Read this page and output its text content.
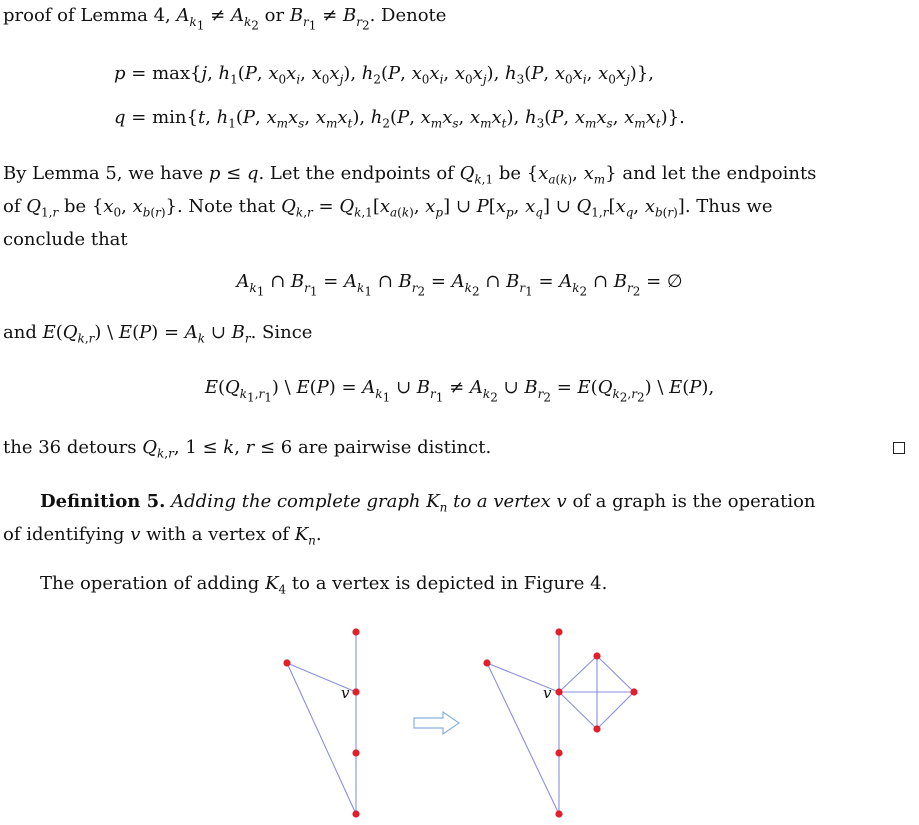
proof of Lemma 4, $A_{k_1} \ne A_{k_2}$ or $B_{r_1} \ne B_{r_2}$. Denote
p = max{j, $h_1(P$, $x_0x_i$, $x_0x_j$), $h_2(P$, $x_0x_i$, $x_0x_j$), $h_3(P$, $x_0x_i$, $x_0x_j$)},
q = min{t, $h_1(P$, $x_mx_s$, $x_mx_t$), $h_2(P$, $x_mx_s$, $x_mx_t$), $h_3(P$, $x_mx_s$, $x_mx_t$)}.
By Lemma 5, we have p ≤ q. Let the endpoints of $Q_{k,1}$ be {$x_{a(k)}$, $x_m$} and let the endpoints
of $Q_{1,r}$ be {$x_0$, $x_{b(r)}$}. Note that $Q_{k,r} = Q_{k,1}[x_{a(k)}$, $x_p$] ∪ $P[x_p$, $x_q$] ∪ $Q_{1,r}[x_q$, $x_{b(r)}$]. Thus we
conclude that
$A_{k_1}$ ∩ $B_{r_1} = A_{k_1}$ ∩ $B_{r_2} = A_{k_2}$ ∩ $B_{r_1} = A_{k_2}$ ∩ $B_{r_2}$ = ∅
and $E(Q_{k,r})$ \ $E(P) = A_k$ ∪ $B_r$. Since
$E(Q_{k_1,r_1})$ \ $E(P) = A_{k_1}$ ∪ $B_{r_1} \ne A_{k_2}$ ∪ $B_{r_2} = E(Q_{k_2,r_2})$ \ E(P),
the 36 detours $Q_{k,r}$, 1 ≤ k, r ≤ 6 are pairwise distinct.
Definition 5. Adding the complete graph $K_n$ to a vertex v of a graph is the operation
of identifying v with a vertex of $K_n$.
The operation of adding $K_4$ to a vertex is depicted in Figure 4.
v	v
